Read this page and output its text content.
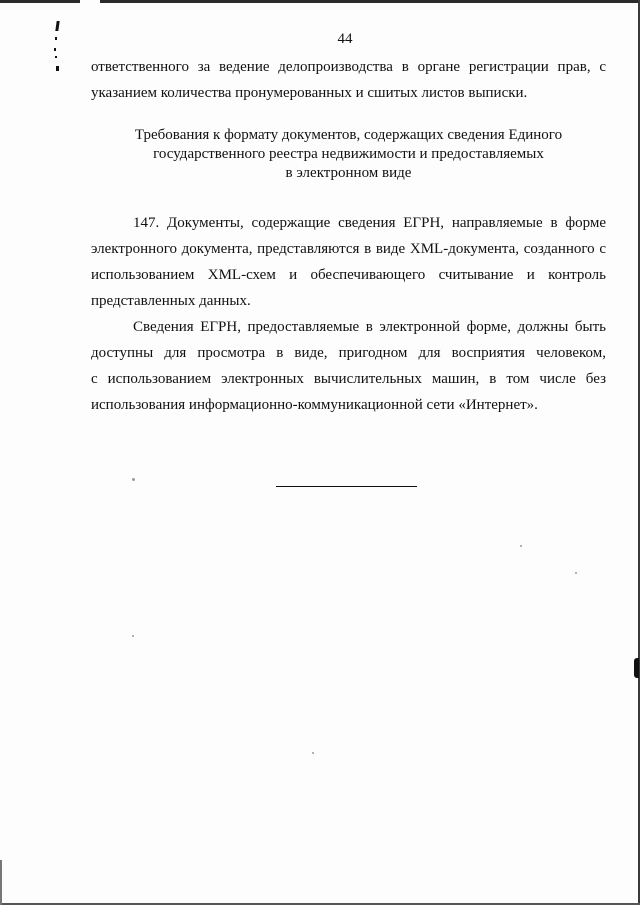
44
ответственного за ведение делопроизводства в органе регистрации прав, с
указанием количества пронумерованных и сшитых листов выписки.
Требования к формату документов, содержащих сведения Единого
государственного реестра недвижимости и предоставляемых
в электронном виде
147. Документы, содержащие сведения ЕГРН, направляемые в форме
электронного документа, представляются в виде XML-документа, созданного с
использованием XML-схем и обеспечивающего считывание и контроль
представленных данных.
Сведения ЕГРН, предоставляемые в электронной форме, должны быть
доступны для просмотра в виде, пригодном для восприятия человеком,
с использованием электронных вычислительных машин, в том числе без
использования информационно-коммуникационной сети «Интернет».
